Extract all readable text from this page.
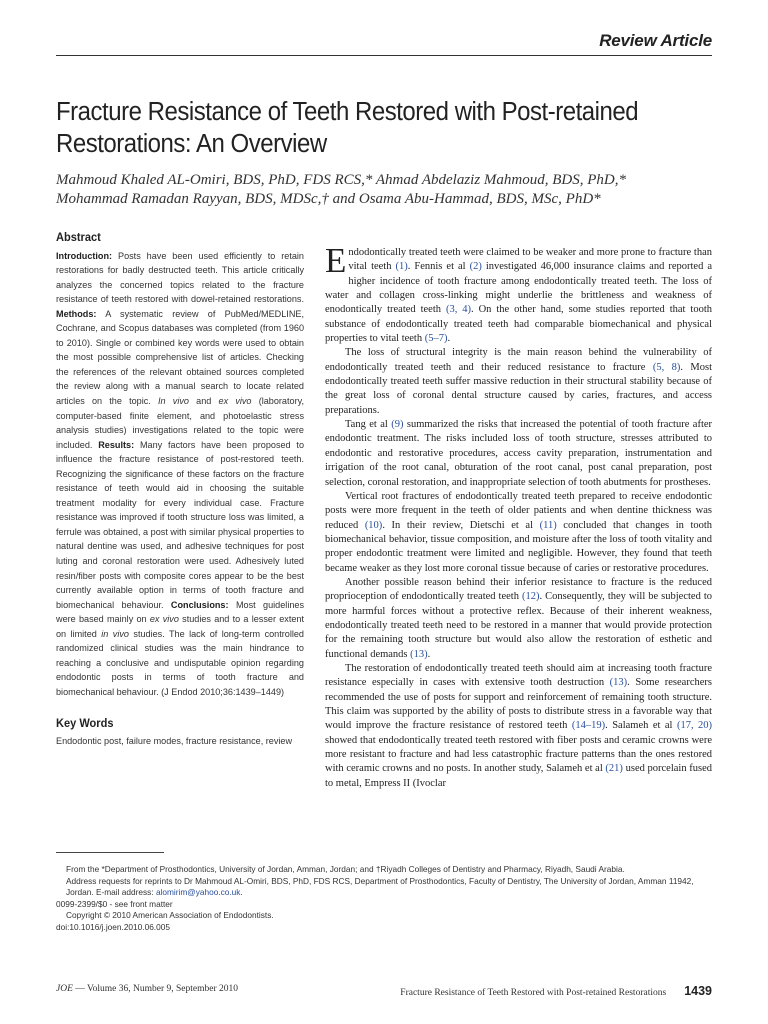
Review Article
Fracture Resistance of Teeth Restored with Post-retained Restorations: An Overview

Mahmoud Khaled AL-Omiri, BDS, PhD, FDS RCS,* Ahmad Abdelaziz Mahmoud, BDS, PhD,* Mohammad Ramadan Rayyan, BDS, MDSc,† and Osama Abu-Hammad, BDS, MSc, PhD*

Abstract

Introduction: Posts have been used efficiently to retain restorations for badly destructed teeth. This article critically analyzes the concerned topics related to the fracture resistance of teeth restored with dowel-retained restorations. Methods: A systematic review of PubMed/MEDLINE, Cochrane, and Scopus databases was completed (from 1960 to 2010). Single or combined key words were used to obtain the most possible comprehensive list of articles. Checking the references of the relevant obtained sources completed the review along with a manual search to locate related articles on the topic. In vivo and ex vivo (laboratory, computer-based finite element, and photoelastic stress analysis studies) investigations related to the topic were included. Results: Many factors have been proposed to influence the fracture resistance of post-restored teeth. Recognizing the significance of these factors on the fracture resistance of teeth would aid in choosing the suitable treatment modality for every individual case. Fracture resistance was improved if tooth structure loss was limited, a ferrule was obtained, a post with similar physical properties to natural dentine was used, and adhesive techniques for post luting and coronal restoration were used. Adhesively luted resin/fiber posts with composite cores appear to be the best currently available option in terms of tooth fracture and biomechanical behaviour. Conclusions: Most guidelines were based mainly on ex vivo studies and to a lesser extent on limited in vivo studies. The lack of long-term controlled randomized clinical studies was the main hindrance to reaching a conclusive and undisputable opinion regarding endodontic posts in terms of tooth fracture and biomechanical behaviour. (J Endod 2010;36:1439–1449)

Key Words

Endodontic post, failure modes, fracture resistance, review

Endodontically treated teeth were claimed to be weaker and more prone to fracture than vital teeth (1). Fennis et al (2) investigated 46,000 insurance claims and reported a higher incidence of tooth fracture among endodontically treated teeth. The loss of water and collagen cross-linking might underlie the brittleness and weakness of enodontically treated teeth (3, 4). On the other hand, some studies reported that tooth substance of endodontically treated teeth had comparable biomechanical and physical properties to vital teeth (5–7).

The loss of structural integrity is the main reason behind the vulnerability of endodontically treated teeth and their reduced resistance to fracture (5, 8). Most endodontically treated teeth suffer massive reduction in their structural stability because of the great loss of coronal dental structure caused by caries, fractures, and access preparations.

Tang et al (9) summarized the risks that increased the potential of tooth fracture after endodontic treatment. The risks included loss of tooth structure, stresses attributed to endodontic and restorative procedures, access cavity preparation, instrumentation and irrigation of the root canal, obturation of the root canal, post canal preparation, post selection, coronal restoration, and inappropriate selection of tooth abutments for prostheses.

Vertical root fractures of endodontically treated teeth prepared to receive endodontic posts were more frequent in the teeth of older patients and when dentine thickness was reduced (10). In their review, Dietschi et al (11) concluded that changes in tooth biomechanical behavior, tissue composition, and moisture after the loss of tooth vitality and proper endodontic treatment were limited and negligible. However, they found that teeth became weaker as they lost more coronal tissue because of caries or restorative procedures.

Another possible reason behind their inferior resistance to fracture is the reduced proprioception of endodontically treated teeth (12). Consequently, they will be subjected to more harmful forces without a protective reflex. Because of their inherent weakness, endodontically treated teeth need to be restored in a manner that would provide protection for the remaining tooth structure but would also allow the restoration of esthetic and functional demands (13).

The restoration of endodontically treated teeth should aim at increasing tooth fracture resistance especially in cases with extensive tooth destruction (13). Some researchers recommended the use of posts for support and reinforcement of remaining tooth structure. This claim was supported by the ability of posts to distribute stress in a favorable way that would improve the fracture resistance of restored teeth (14–19). Salameh et al (17, 20) showed that endodontically treated teeth restored with fiber posts and ceramic crowns were more resistant to fracture and had less catastrophic fracture patterns than the ones restored with ceramic crowns and no posts. In another study, Salameh et al (21) used porcelain fused to metal, Empress II (Ivoclar

From the *Department of Prosthodontics, University of Jordan, Amman, Jordan; and †Riyadh Colleges of Dentistry and Pharmacy, Riyadh, Saudi Arabia.
Address requests for reprints to Dr Mahmoud AL-Omiri, BDS, PhD, FDS RCS, Department of Prosthodontics, Faculty of Dentistry, The University of Jordan, Amman 11942, Jordan. E-mail address: alomirim@yahoo.co.uk.
0099-2399/$0 - see front matter
Copyright © 2010 American Association of Endodontists.
doi:10.1016/j.joen.2010.06.005
JOE — Volume 36, Number 9, September 2010	Fracture Resistance of Teeth Restored with Post-retained Restorations 1439
